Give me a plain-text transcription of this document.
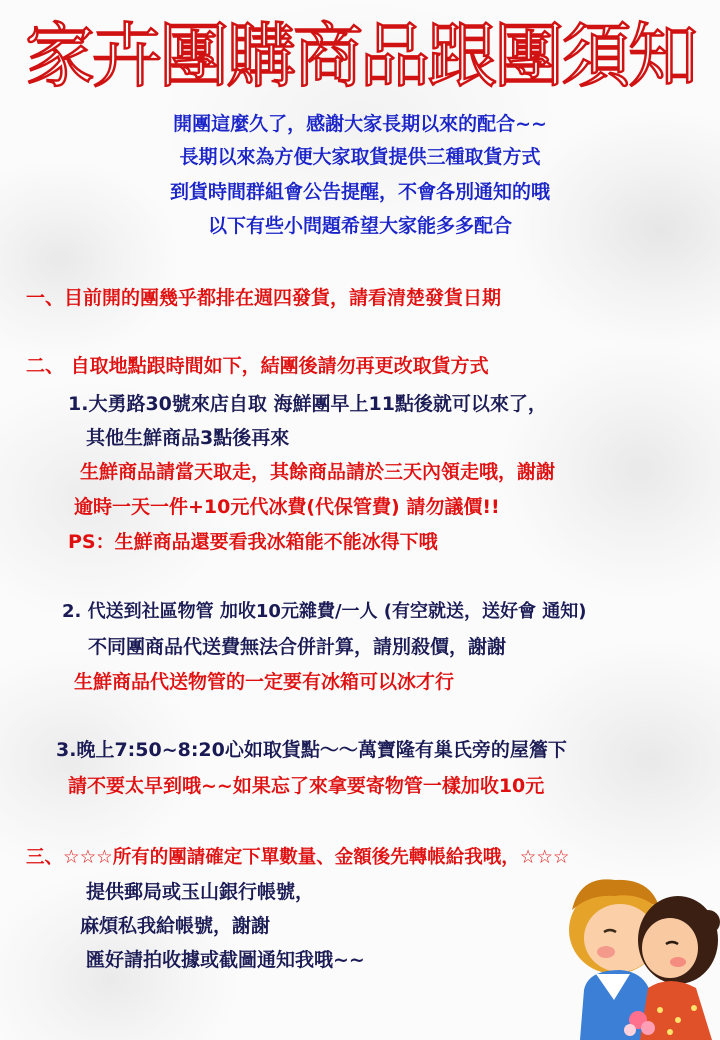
家卉團購商品跟團須知
開團這麼久了，感謝大家長期以來的配合~~
長期以來為方便大家取貨提供三種取貨方式
到貨時間群組會公告提醒，不會各別通知的哦
以下有些小問題希望大家能多多配合
一、目前開的團幾乎都排在週四發貨，請看清楚發貨日期
二、 自取地點跟時間如下，結團後請勿再更改取貨方式
1.大勇路30號來店自取 海鮮團早上11點後就可以來了，
其他生鮮商品3點後再來
生鮮商品請當天取走，其餘商品請於三天內領走哦，謝謝
逾時一天一件+10元代冰費(代保管費) 請勿議價!!
PS：生鮮商品還要看我冰箱能不能冰得下哦
2. 代送到社區物管 加收10元雜費/一人 (有空就送，送好會 通知)
不同團商品代送費無法合併計算，請別殺價，謝謝
生鮮商品代送物管的一定要有冰箱可以冰才行
3.晚上7:50~8:20心如取貨點～～萬寶隆有巢氏旁的屋簷下
請不要太早到哦~~如果忘了來拿要寄物管一樣加收10元
三、☆☆☆所有的團請確定下單數量、金額後先轉帳給我哦，☆☆☆
提供郵局或玉山銀行帳號，
麻煩私我給帳號，謝謝
匯好請拍收據或截圖通知我哦~~
